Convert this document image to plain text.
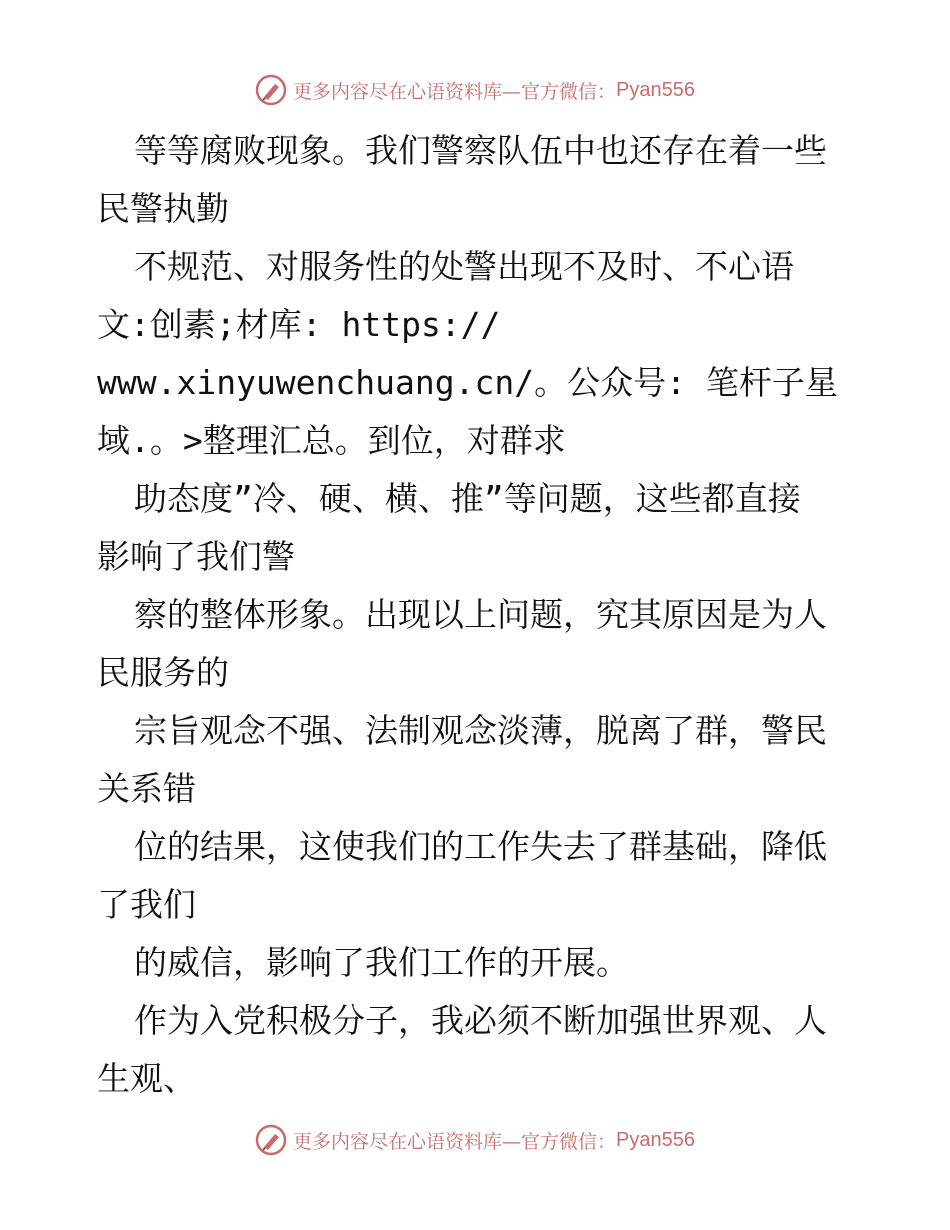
更多内容尽在心语资料库—官方微信： Pyan556
等等腐败现象。我们警察队伍中也还存在着一些
民警执勤
不规范、对服务性的处警出现不及时、不心语
文:创素;材库: https://
www.xinyuwenchuang.cn/。公众号: 笔杆子星
域.。>整理汇总。到位，对群求
助态度”冷、硬、横、推”等问题，这些都直接
影响了我们警
察的整体形象。出现以上问题，究其原因是为人
民服务的
宗旨观念不强、法制观念淡薄，脱离了群，警民
关系错
位的结果，这使我们的工作失去了群基础，降低
了我们
的威信，影响了我们工作的开展。
作为入党积极分子，我必须不断加强世界观、人
生观、
更多内容尽在心语资料库—官方微信： Pyan556
